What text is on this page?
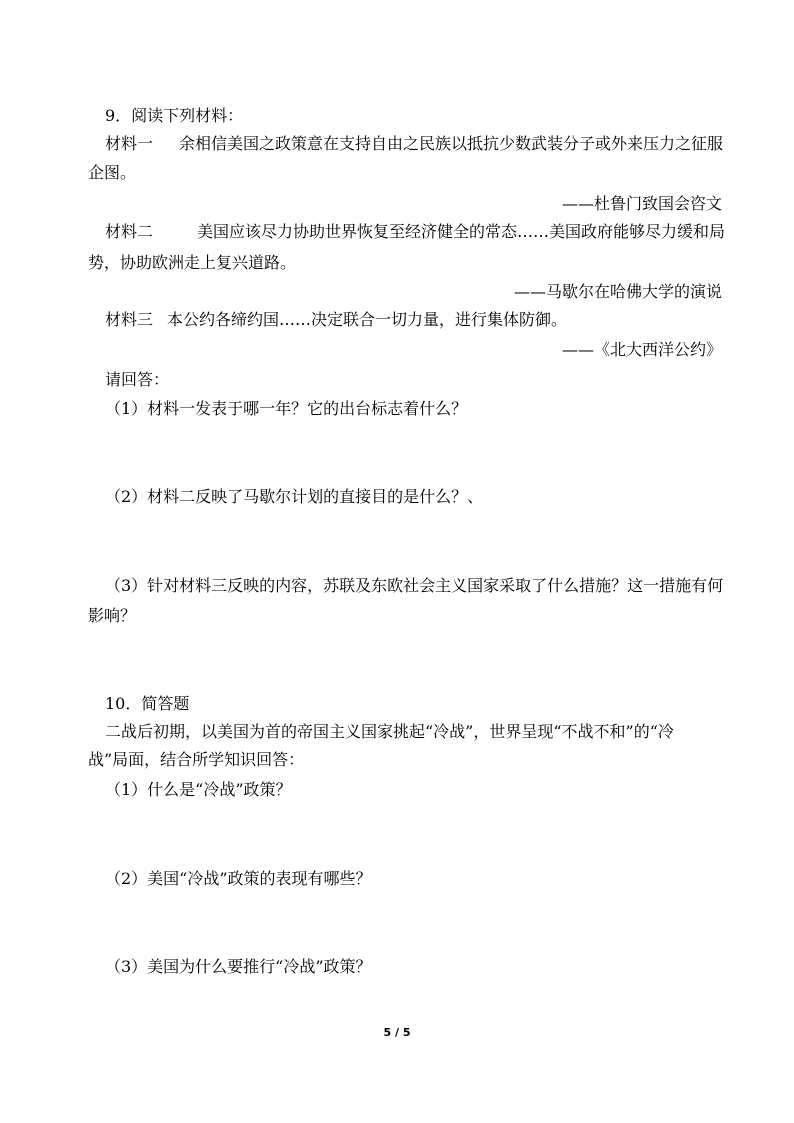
9．阅读下列材料：
材料一 余相信美国之政策意在支持自由之民族以抵抗少数武装分子或外来压力之征服
企图。
——杜鲁门致国会咨文
材料二	美国应该尽力协助世界恢复至经济健全的常态……美国政府能够尽力缓和局
势，协助欧洲走上复兴道路。
——马歇尔在哈佛大学的演说
材料三 本公约各缔约国……决定联合一切力量，进行集体防御。
——《北大西洋公约》
请回答：
（1）材料一发表于哪一年？它的出台标志着什么？
（2）材料二反映了马歇尔计划的直接目的是什么？、
（3）针对材料三反映的内容，苏联及东欧社会主义国家采取了什么措施？这一措施有何
影响？
10．简答题
二战后初期，以美国为首的帝国主义国家挑起“冷战”，世界呈现“不战不和”的“冷
战”局面，结合所学知识回答：
（1）什么是“冷战”政策？
（2）美国“冷战”政策的表现有哪些？
（3）美国为什么要推行“冷战”政策？
5 / 5
